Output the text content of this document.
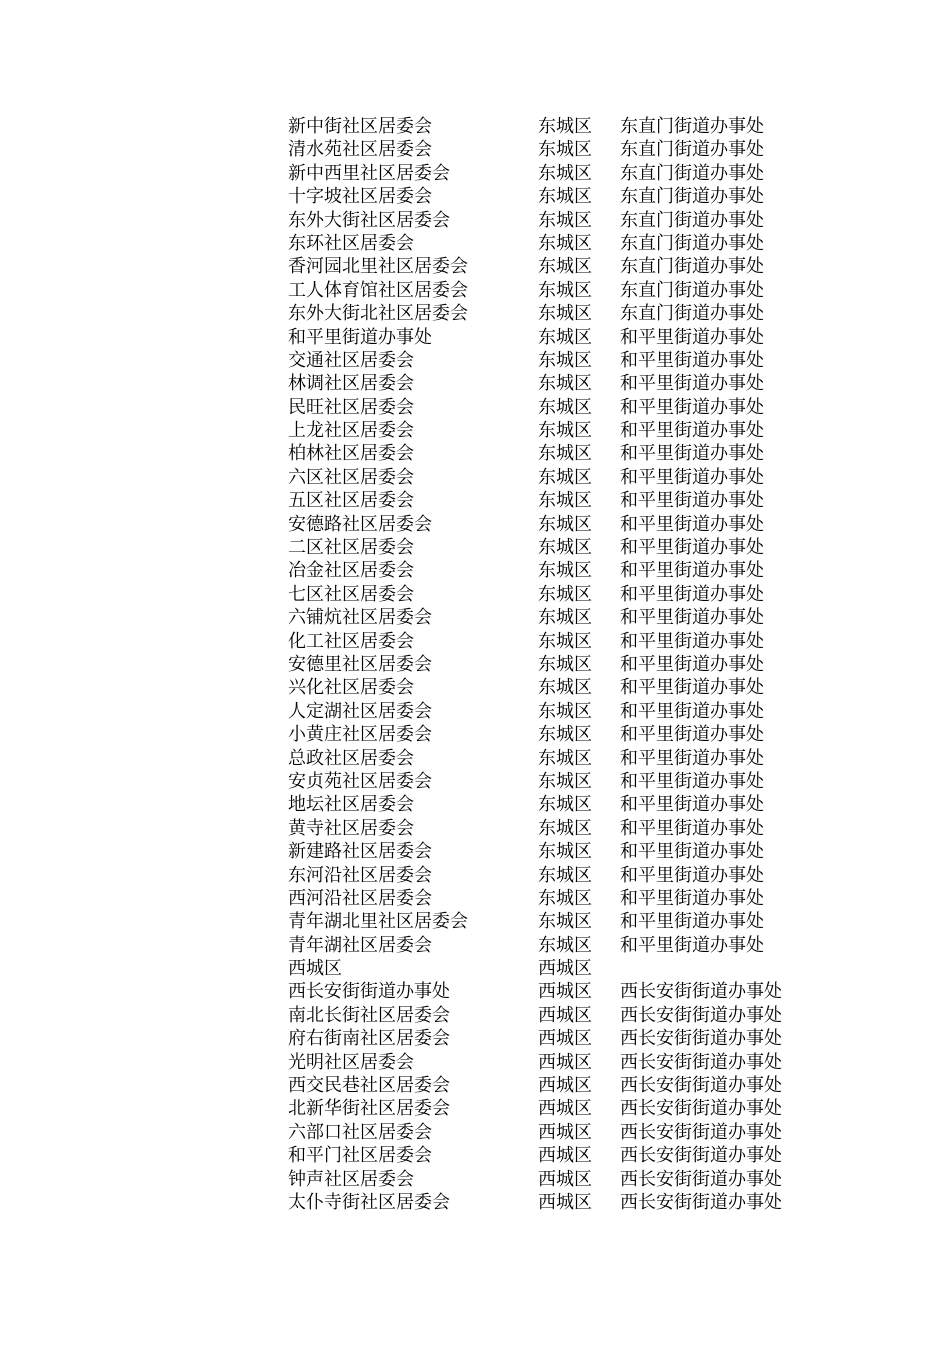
新中街社区居委会	东城区 东直门街道办事处
清水苑社区居委会	东城区 东直门街道办事处
新中西里社区居委会	东城区 东直门街道办事处
十字坡社区居委会	东城区 东直门街道办事处
东外大街社区居委会	东城区 东直门街道办事处
东环社区居委会	东城区 东直门街道办事处
香河园北里社区居委会	东城区 东直门街道办事处
工人体育馆社区居委会	东城区 东直门街道办事处
东外大街北社区居委会	东城区 东直门街道办事处
和平里街道办事处	东城区 和平里街道办事处
交通社区居委会	东城区 和平里街道办事处
林调社区居委会	东城区 和平里街道办事处
民旺社区居委会	东城区 和平里街道办事处
上龙社区居委会	东城区 和平里街道办事处
柏林社区居委会	东城区 和平里街道办事处
六区社区居委会	东城区 和平里街道办事处
五区社区居委会	东城区 和平里街道办事处
安德路社区居委会	东城区 和平里街道办事处
二区社区居委会	东城区 和平里街道办事处
冶金社区居委会	东城区 和平里街道办事处
七区社区居委会	东城区 和平里街道办事处
六铺炕社区居委会	东城区 和平里街道办事处
化工社区居委会	东城区 和平里街道办事处
安德里社区居委会	东城区 和平里街道办事处
兴化社区居委会	东城区 和平里街道办事处
人定湖社区居委会	东城区 和平里街道办事处
小黄庄社区居委会	东城区 和平里街道办事处
总政社区居委会	东城区 和平里街道办事处
安贞苑社区居委会	东城区 和平里街道办事处
地坛社区居委会	东城区 和平里街道办事处
黄寺社区居委会	东城区 和平里街道办事处
新建路社区居委会	东城区 和平里街道办事处
东河沿社区居委会	东城区 和平里街道办事处
西河沿社区居委会	东城区 和平里街道办事处
青年湖北里社区居委会	东城区 和平里街道办事处
青年湖社区居委会	东城区 和平里街道办事处
西城区	西城区
西长安街街道办事处	西城区 西长安街街道办事处
南北长街社区居委会	西城区 西长安街街道办事处
府右街南社区居委会	西城区 西长安街街道办事处
光明社区居委会	西城区 西长安街街道办事处
西交民巷社区居委会	西城区 西长安街街道办事处
北新华街社区居委会	西城区 西长安街街道办事处
六部口社区居委会	西城区 西长安街街道办事处
和平门社区居委会	西城区 西长安街街道办事处
钟声社区居委会	西城区 西长安街街道办事处
太仆寺街社区居委会	西城区 西长安街街道办事处
